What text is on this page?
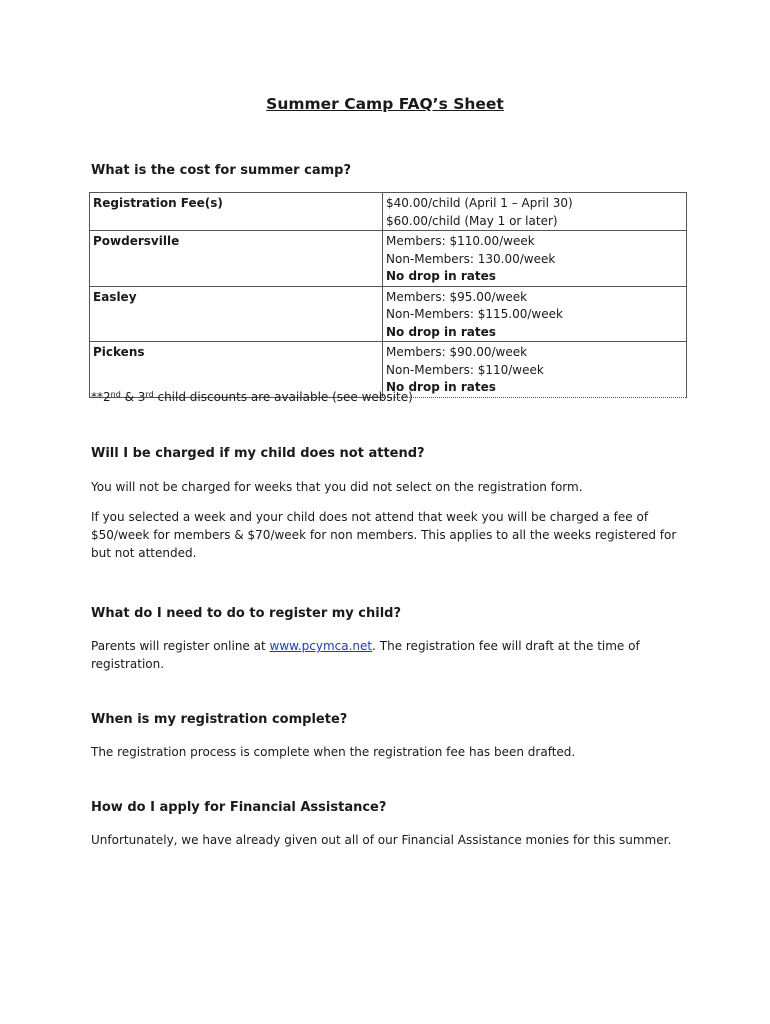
Summer Camp FAQ’s Sheet
What is the cost for summer camp?
Registration Fee(s)	$40.00/child (April 1 – April 30)
$60.00/child (May 1 or later)

Powdersville	Members: $110.00/week
Non-Members: 130.00/week
No drop in rates

Easley	Members: $95.00/week
Non-Members: $115.00/week
No drop in rates

Pickens	Members: $90.00/week
Non-Members: $110/week
No drop in rates
**2nd & 3rd child discounts are available (see website)
Will I be charged if my child does not attend?
You will not be charged for weeks that you did not select on the registration form.
If you selected a week and your child does not attend that week you will be charged a fee of $50/week for members & $70/week for non members. This applies to all the weeks registered for but not attended.
What do I need to do to register my child?
Parents will register online at www.pcymca.net. The registration fee will draft at the time of registration.
When is my registration complete?
The registration process is complete when the registration fee has been drafted.
How do I apply for Financial Assistance?
Unfortunately, we have already given out all of our Financial Assistance monies for this summer.
